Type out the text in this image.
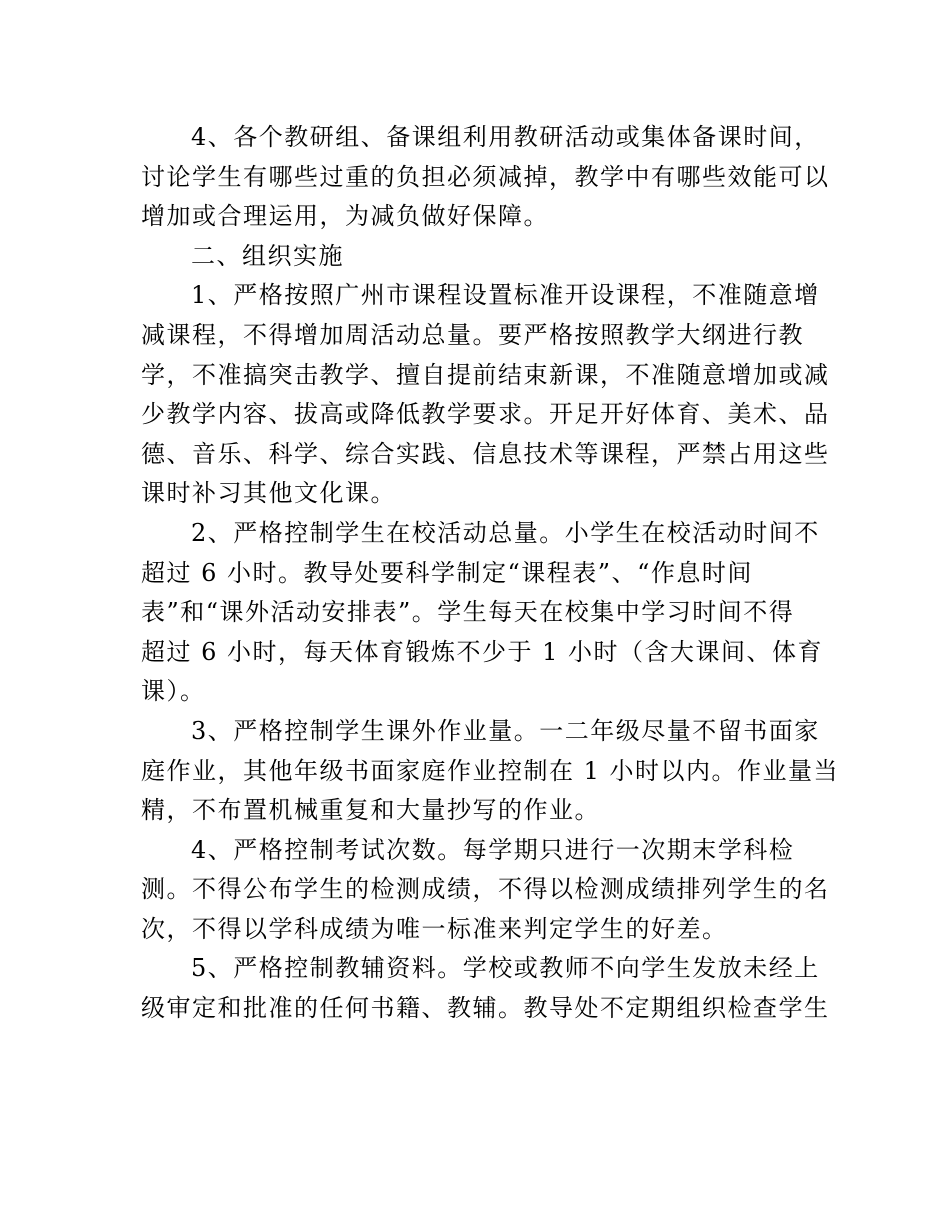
4、各个教研组、备课组利用教研活动或集体备课时间，
讨论学生有哪些过重的负担必须减掉，教学中有哪些效能可以
增加或合理运用，为减负做好保障。
二、组织实施
1、严格按照广州市课程设置标准开设课程，不准随意增
减课程，不得增加周活动总量。要严格按照教学大纲进行教
学，不准搞突击教学、擅自提前结束新课，不准随意增加或减
少教学内容、拔高或降低教学要求。开足开好体育、美术、品
德、音乐、科学、综合实践、信息技术等课程，严禁占用这些
课时补习其他文化课。
2、严格控制学生在校活动总量。小学生在校活动时间不
超过 6 小时。教导处要科学制定“课程表”、“作息时间
表”和“课外活动安排表”。学生每天在校集中学习时间不得
超过 6 小时，每天体育锻炼不少于 1 小时（含大课间、体育
课）。
3、严格控制学生课外作业量。一二年级尽量不留书面家
庭作业，其他年级书面家庭作业控制在 1 小时以内。作业量当
精，不布置机械重复和大量抄写的作业。
4、严格控制考试次数。每学期只进行一次期末学科检
测。不得公布学生的检测成绩，不得以检测成绩排列学生的名
次，不得以学科成绩为唯一标准来判定学生的好差。
5、严格控制教辅资料。学校或教师不向学生发放未经上
级审定和批准的任何书籍、教辅。教导处不定期组织检查学生
